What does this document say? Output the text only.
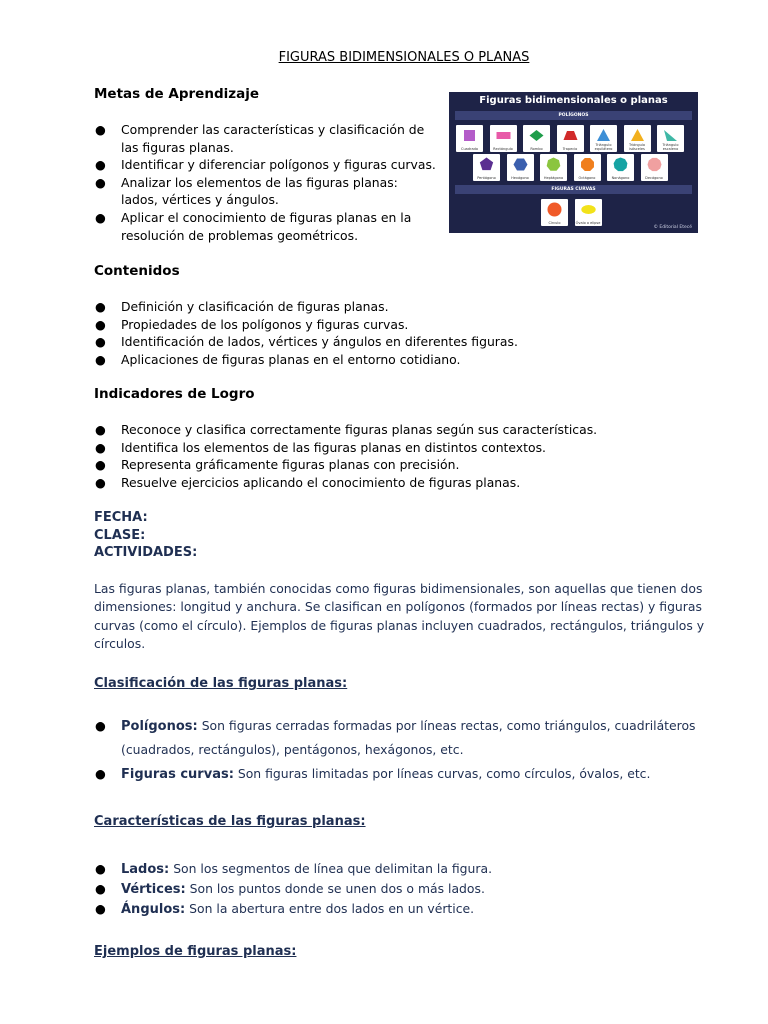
FIGURAS BIDIMENSIONALES O PLANAS
Figuras bidimensionales o planas
POLÍGONOS
Cuadrado	Rectángulo	Rombo	Trapecio
Triángulo equilátero
Triángulo isósceles
Triángulo escaleno
Pentágono	Hexágono	Heptágono	Octágono	Nonágono	Decágono
FIGURAS CURVAS
Círculo	Óvalo o elipse
© Editorial Etecé
Metas de Aprendizaje
● Comprender las características y clasificación de
las figuras planas.
● Identificar y diferenciar polígonos y figuras curvas.
● Analizar los elementos de las figuras planas:
lados, vértices y ángulos.
● Aplicar el conocimiento de figuras planas en la
resolución de problemas geométricos.
Contenidos
● Definición y clasificación de figuras planas.
● Propiedades de los polígonos y figuras curvas.
● Identificación de lados, vértices y ángulos en diferentes figuras.
● Aplicaciones de figuras planas en el entorno cotidiano.
Indicadores de Logro
● Reconoce y clasifica correctamente figuras planas según sus características.
● Identifica los elementos de las figuras planas en distintos contextos.
● Representa gráficamente figuras planas con precisión.
● Resuelve ejercicios aplicando el conocimiento de figuras planas.
FECHA:
CLASE:
ACTIVIDADES:
Las figuras planas, también conocidas como figuras bidimensionales, son aquellas que tienen dos dimensiones: longitud y anchura. Se clasifican en polígonos (formados por líneas rectas) y figuras curvas (como el círculo). Ejemplos de figuras planas incluyen cuadrados, rectángulos, triángulos y círculos.
Clasificación de las figuras planas:
● Polígonos: Son figuras cerradas formadas por líneas rectas, como triángulos, cuadriláteros
(cuadrados, rectángulos), pentágonos, hexágonos, etc.
● Figuras curvas: Son figuras limitadas por líneas curvas, como círculos, óvalos, etc.
Características de las figuras planas:
● Lados: Son los segmentos de línea que delimitan la figura.
● Vértices: Son los puntos donde se unen dos o más lados.
● Ángulos: Son la abertura entre dos lados en un vértice.
Ejemplos de figuras planas:
